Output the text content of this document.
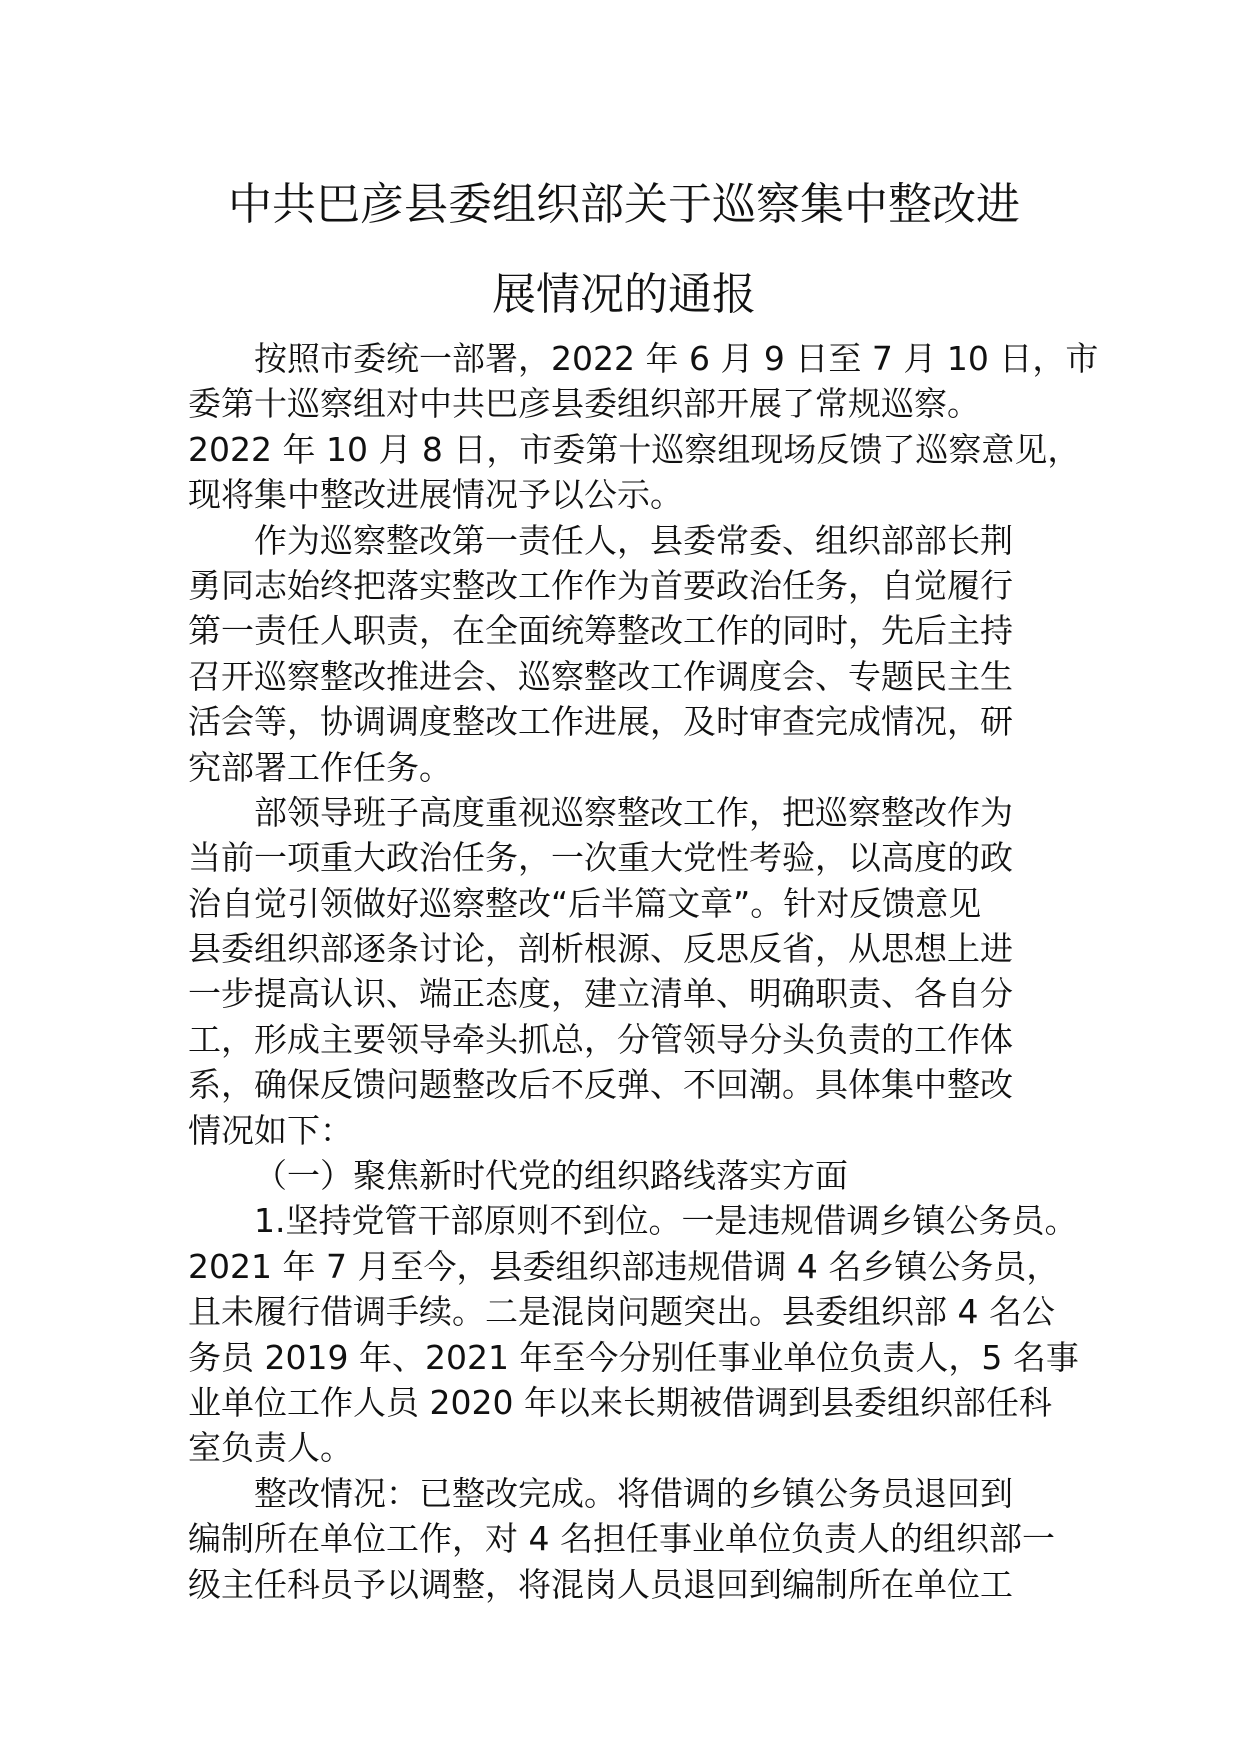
中共巴彦县委组织部关于巡察集中整改进
展情况的通报
按照市委统一部署，2022 年 6 月 9 日至 7 月 10 日，市
委第十巡察组对中共巴彦县委组织部开展了常规巡察。
2022 年 10 月 8 日，市委第十巡察组现场反馈了巡察意见，
现将集中整改进展情况予以公示。
作为巡察整改第一责任人，县委常委、组织部部长荆
勇同志始终把落实整改工作作为首要政治任务，自觉履行
第一责任人职责，在全面统筹整改工作的同时，先后主持
召开巡察整改推进会、巡察整改工作调度会、专题民主生
活会等，协调调度整改工作进展，及时审查完成情况，研
究部署工作任务。
部领导班子高度重视巡察整改工作，把巡察整改作为
当前一项重大政治任务，一次重大党性考验，以高度的政
治自觉引领做好巡察整改“后半篇文章”。针对反馈意见
县委组织部逐条讨论，剖析根源、反思反省，从思想上进
一步提高认识、端正态度，建立清单、明确职责、各自分
工，形成主要领导牵头抓总，分管领导分头负责的工作体
系，确保反馈问题整改后不反弹、不回潮。具体集中整改
情况如下：
（一）聚焦新时代党的组织路线落实方面
1.坚持党管干部原则不到位。一是违规借调乡镇公务员。
2021 年 7 月至今，县委组织部违规借调 4 名乡镇公务员，
且未履行借调手续。二是混岗问题突出。县委组织部 4 名公
务员 2019 年、2021 年至今分别任事业单位负责人，5 名事
业单位工作人员 2020 年以来长期被借调到县委组织部任科
室负责人。
整改情况：已整改完成。将借调的乡镇公务员退回到
编制所在单位工作，对 4 名担任事业单位负责人的组织部一
级主任科员予以调整，将混岗人员退回到编制所在单位工
